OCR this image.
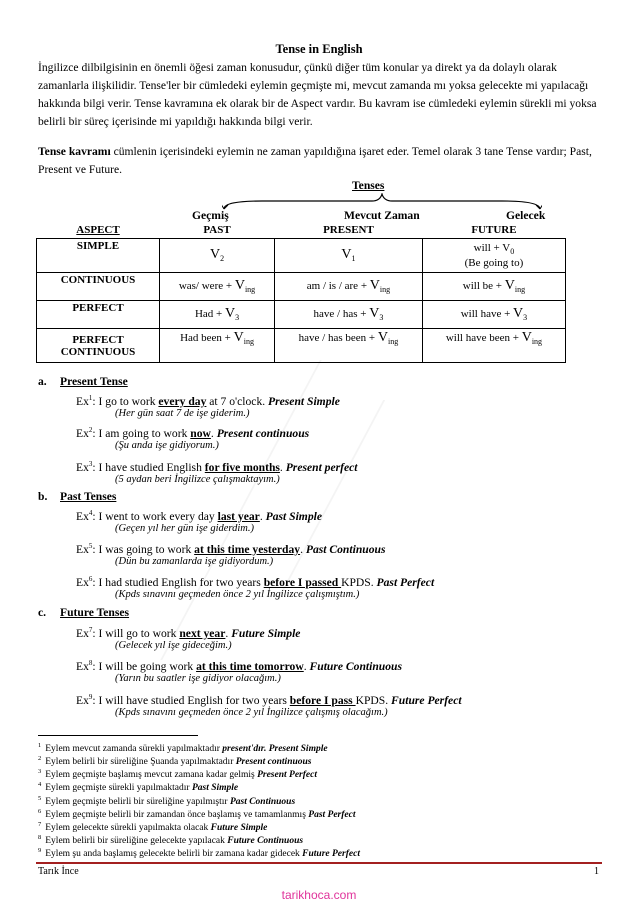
Tense in English
İngilizce dilbilgisinin en önemli öğesi zaman konusudur, çünkü diğer tüm konular ya direkt ya da dolaylı olarak zamanlarla ilişkilidir. Tense'ler bir cümledeki eylemin geçmişte mi, mevcut zamanda mı yoksa gelecekte mi yapılacağı hakkında bilgi verir. Tense kavramına ek olarak bir de Aspect vardır. Bu kavram ise cümledeki eylemin sürekli mi yoksa belirli bir süreç içerisinde mi yapıldığı hakkında bilgi verir.
Tense kavramı cümlenin içerisindeki eylemin ne zaman yapıldığına işaret eder. Temel olarak 3 tane Tense vardır; Past, Present ve Future.
Tenses
Geçmiş	Mevcut Zaman	Gelecek
ASPECT	PAST	PRESENT	FUTURE
SIMPLE	$V_2$	$V_1$	will + $V_0$
(Be going to)
CONTINUOUS	was/ were + $V_{ing}$	am / is / are + $V_{ing}$	will be + $V_{ing}$
PERFECT	Had + $V_3$	have / has + $V_3$	will have + $V_3$
PERFECT CONTINUOUS	Had been + $V_{ing}$	have / has been + $V_{ing}$	will have been + $V_{ing}$
a. Present Tense
Ex$^1$: I go to work every day at 7 o'clock. Present Simple
(Her gün saat 7 de işe giderim.)
Ex$^2$: I am going to work now. Present continuous
(Şu anda işe gidiyorum.)
Ex$^3$: I have studied English for five months. Present perfect
(5 aydan beri İngilizce çalışmaktayım.)
b. Past Tenses
Ex$^4$: I went to work every day last year. Past Simple
(Geçen yıl her gün işe giderdim.)
Ex$^5$: I was going to work at this time yesterday. Past Continuous
(Dün bu zamanlarda işe gidiyordum.)
Ex$^6$: I had studied English for two years before I passed KPDS. Past Perfect
(Kpds sınavını geçmeden önce 2 yıl İngilizce çalışmıştım.)
c. Future Tenses
Ex$^7$: I will go to work next year. Future Simple
(Gelecek yıl işe gideceğim.)
Ex$^8$: I will be going work at this time tomorrow. Future Continuous
(Yarın bu saatler işe gidiyor olacağım.)
Ex$^9$: I will have studied English for two years before I pass KPDS. Future Perfect
(Kpds sınavını geçmeden önce 2 yıl İngilizce çalışmış olacağım.)
$^1$ Eylem mevcut zamanda sürekli yapılmaktadır present'dır. Present Simple
$^2$ Eylem belirli bir süreliğine Şuanda yapılmaktadır Present continuous
$^3$ Eylem geçmişte başlamış mevcut zamana kadar gelmiş Present Perfect
$^4$ Eylem geçmişte sürekli yapılmaktadır Past Simple
$^5$ Eylem geçmişte belirli bir süreliğine yapılmıştır Past Continuous
$^6$ Eylem geçmişte belirli bir zamandan önce başlamış ve tamamlanmış Past Perfect
$^7$ Eylem gelecekte sürekli yapılmakta olacak Future Simple
$^8$ Eylem belirli bir süreliğine gelecekte yapılacak Future Continuous
$^9$ Eylem şu anda başlamış gelecekte belirli bir zamana kadar gidecek Future Perfect
Tarık İnce	1
tarikhoca.com
